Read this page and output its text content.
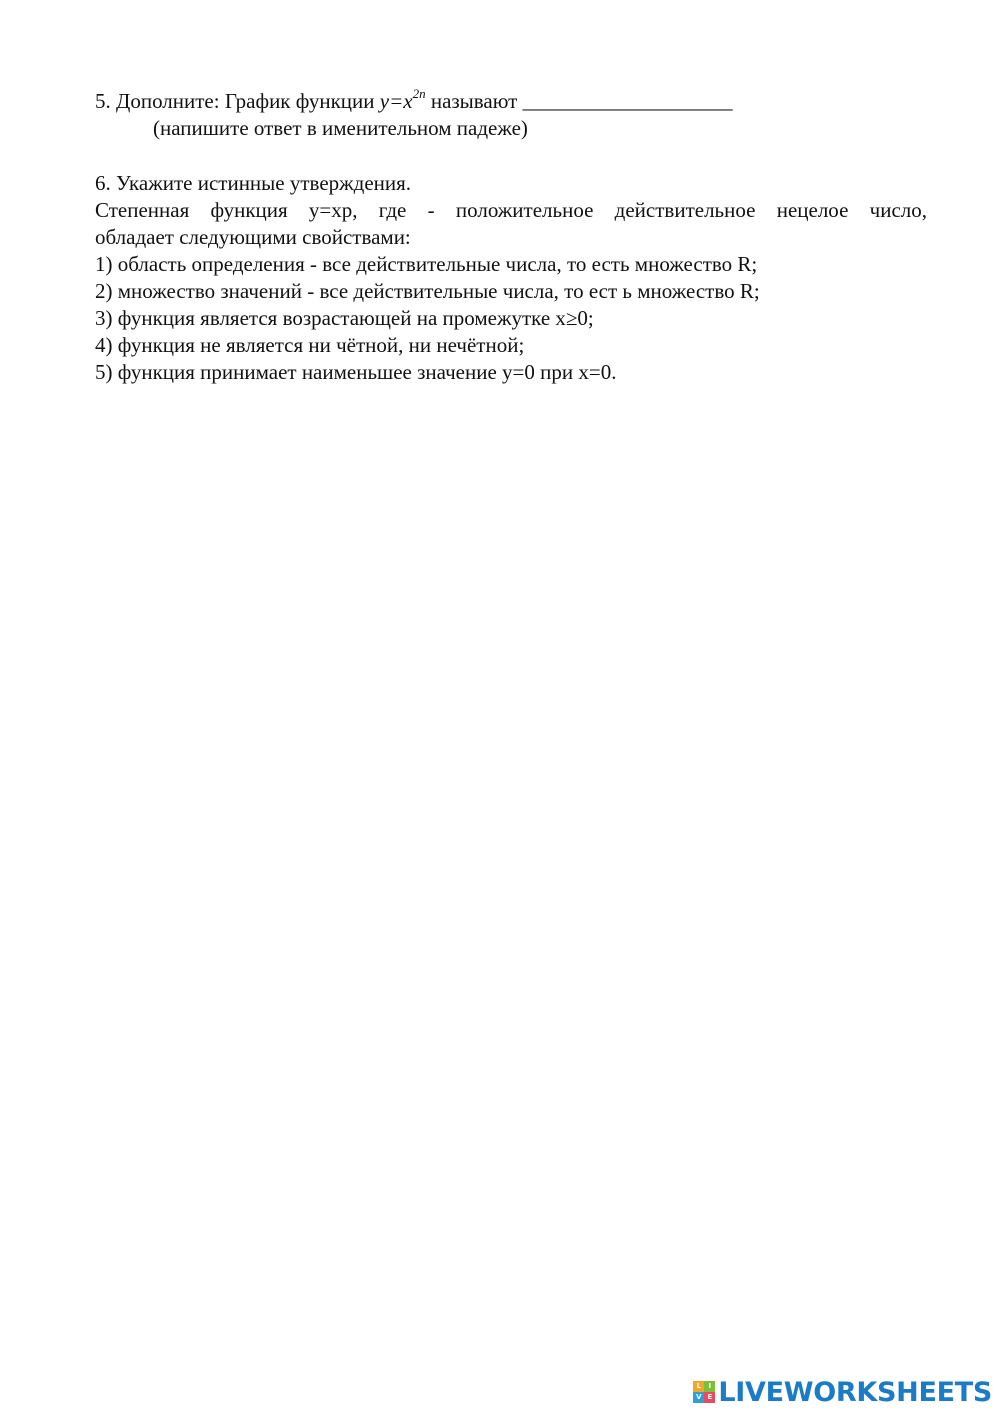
5. Дополните: График функции $y=x^{2n}$ называют ____________________
(напишите ответ в именительном падеже)
6. Укажите истинные утверждения.
Степенная функция y=xp, где - положительное действительное нецелое число,
обладает следующими свойствами:
1) область определения - все действительные числа, то есть множество R;
2) множество значений - все действительные числа, то ест ь множество R;
3) функция является возрастающей на промежутке x≥0;
4) функция не является ни чётной, ни нечётной;
5) функция принимает наименьшее значение y=0 при x=0.
L	I
V E LIVEWORKSHEETS
